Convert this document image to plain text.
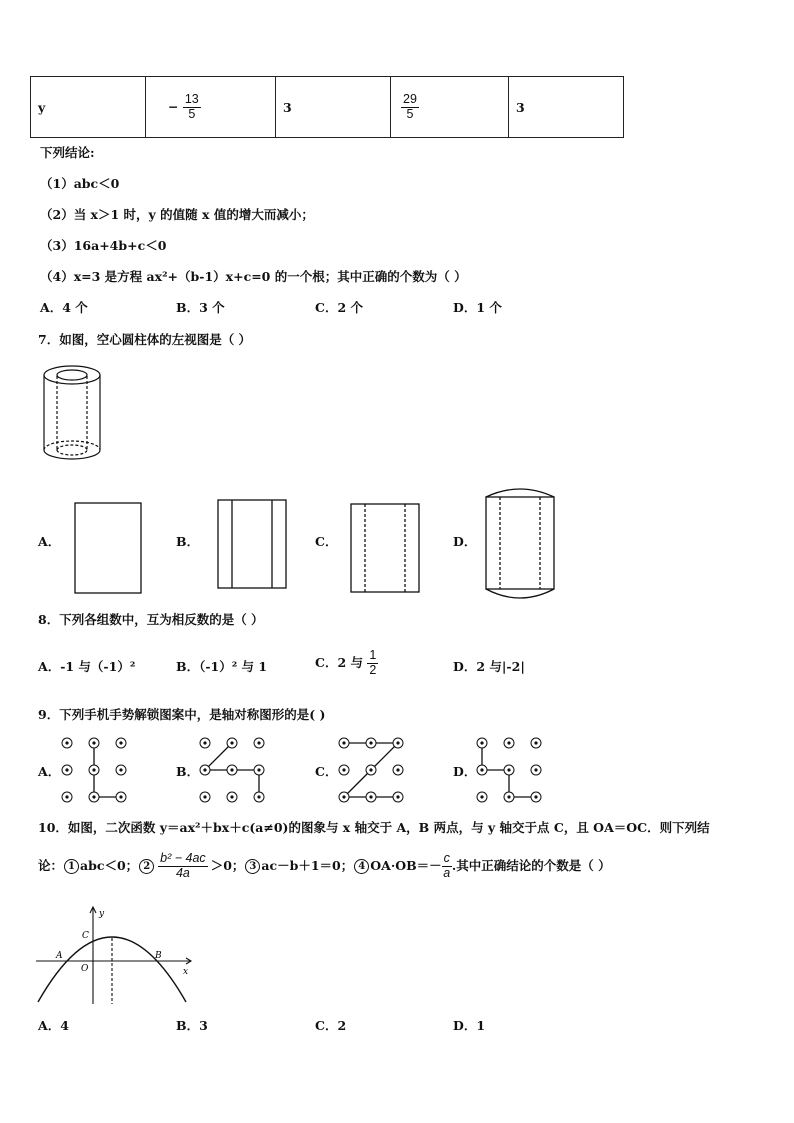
y	− $\frac{13}{5}$	3	$\frac{29}{5}$	3
下列结论:
（1）abc＜0
（2）当 x＞1 时，y 的值随 x 值的增大而减小；
（3）16a+4b+c＜0
（4）x=3 是方程 ax²+（b-1）x+c=0 的一个根；其中正确的个数为（ ）
A．4 个	B．3 个	C．2 个	D．1 个
7．如图，空心圆柱体的左视图是（ ）
A．	B．	C．	D．
8．下列各组数中，互为相反数的是（ ）
A．-1 与（-1）²	B．（-1）² 与 1	C．2 与 $\frac{1}{2}$	D．2 与|-2|
9．下列手机手势解锁图案中，是轴对称图形的是( )
A．	B．	C．	D．
10．如图，二次函数 y＝ax²＋bx＋c(a≠0)的图象与 x 轴交于 A，B 两点，与 y 轴交于点 C，且 OA＝OC．则下列结
论： 1 abc＜0； $2 \frac{\text{b² − 4ac}}{4a} >0$； 3 ac－b＋1＝0； 4 $OA\cdot OB=- \frac{c}{a}$ .其中正确结论的个数是（ ）
y
x
C
A
O
B
A．4	B．3	C．2	D．1
